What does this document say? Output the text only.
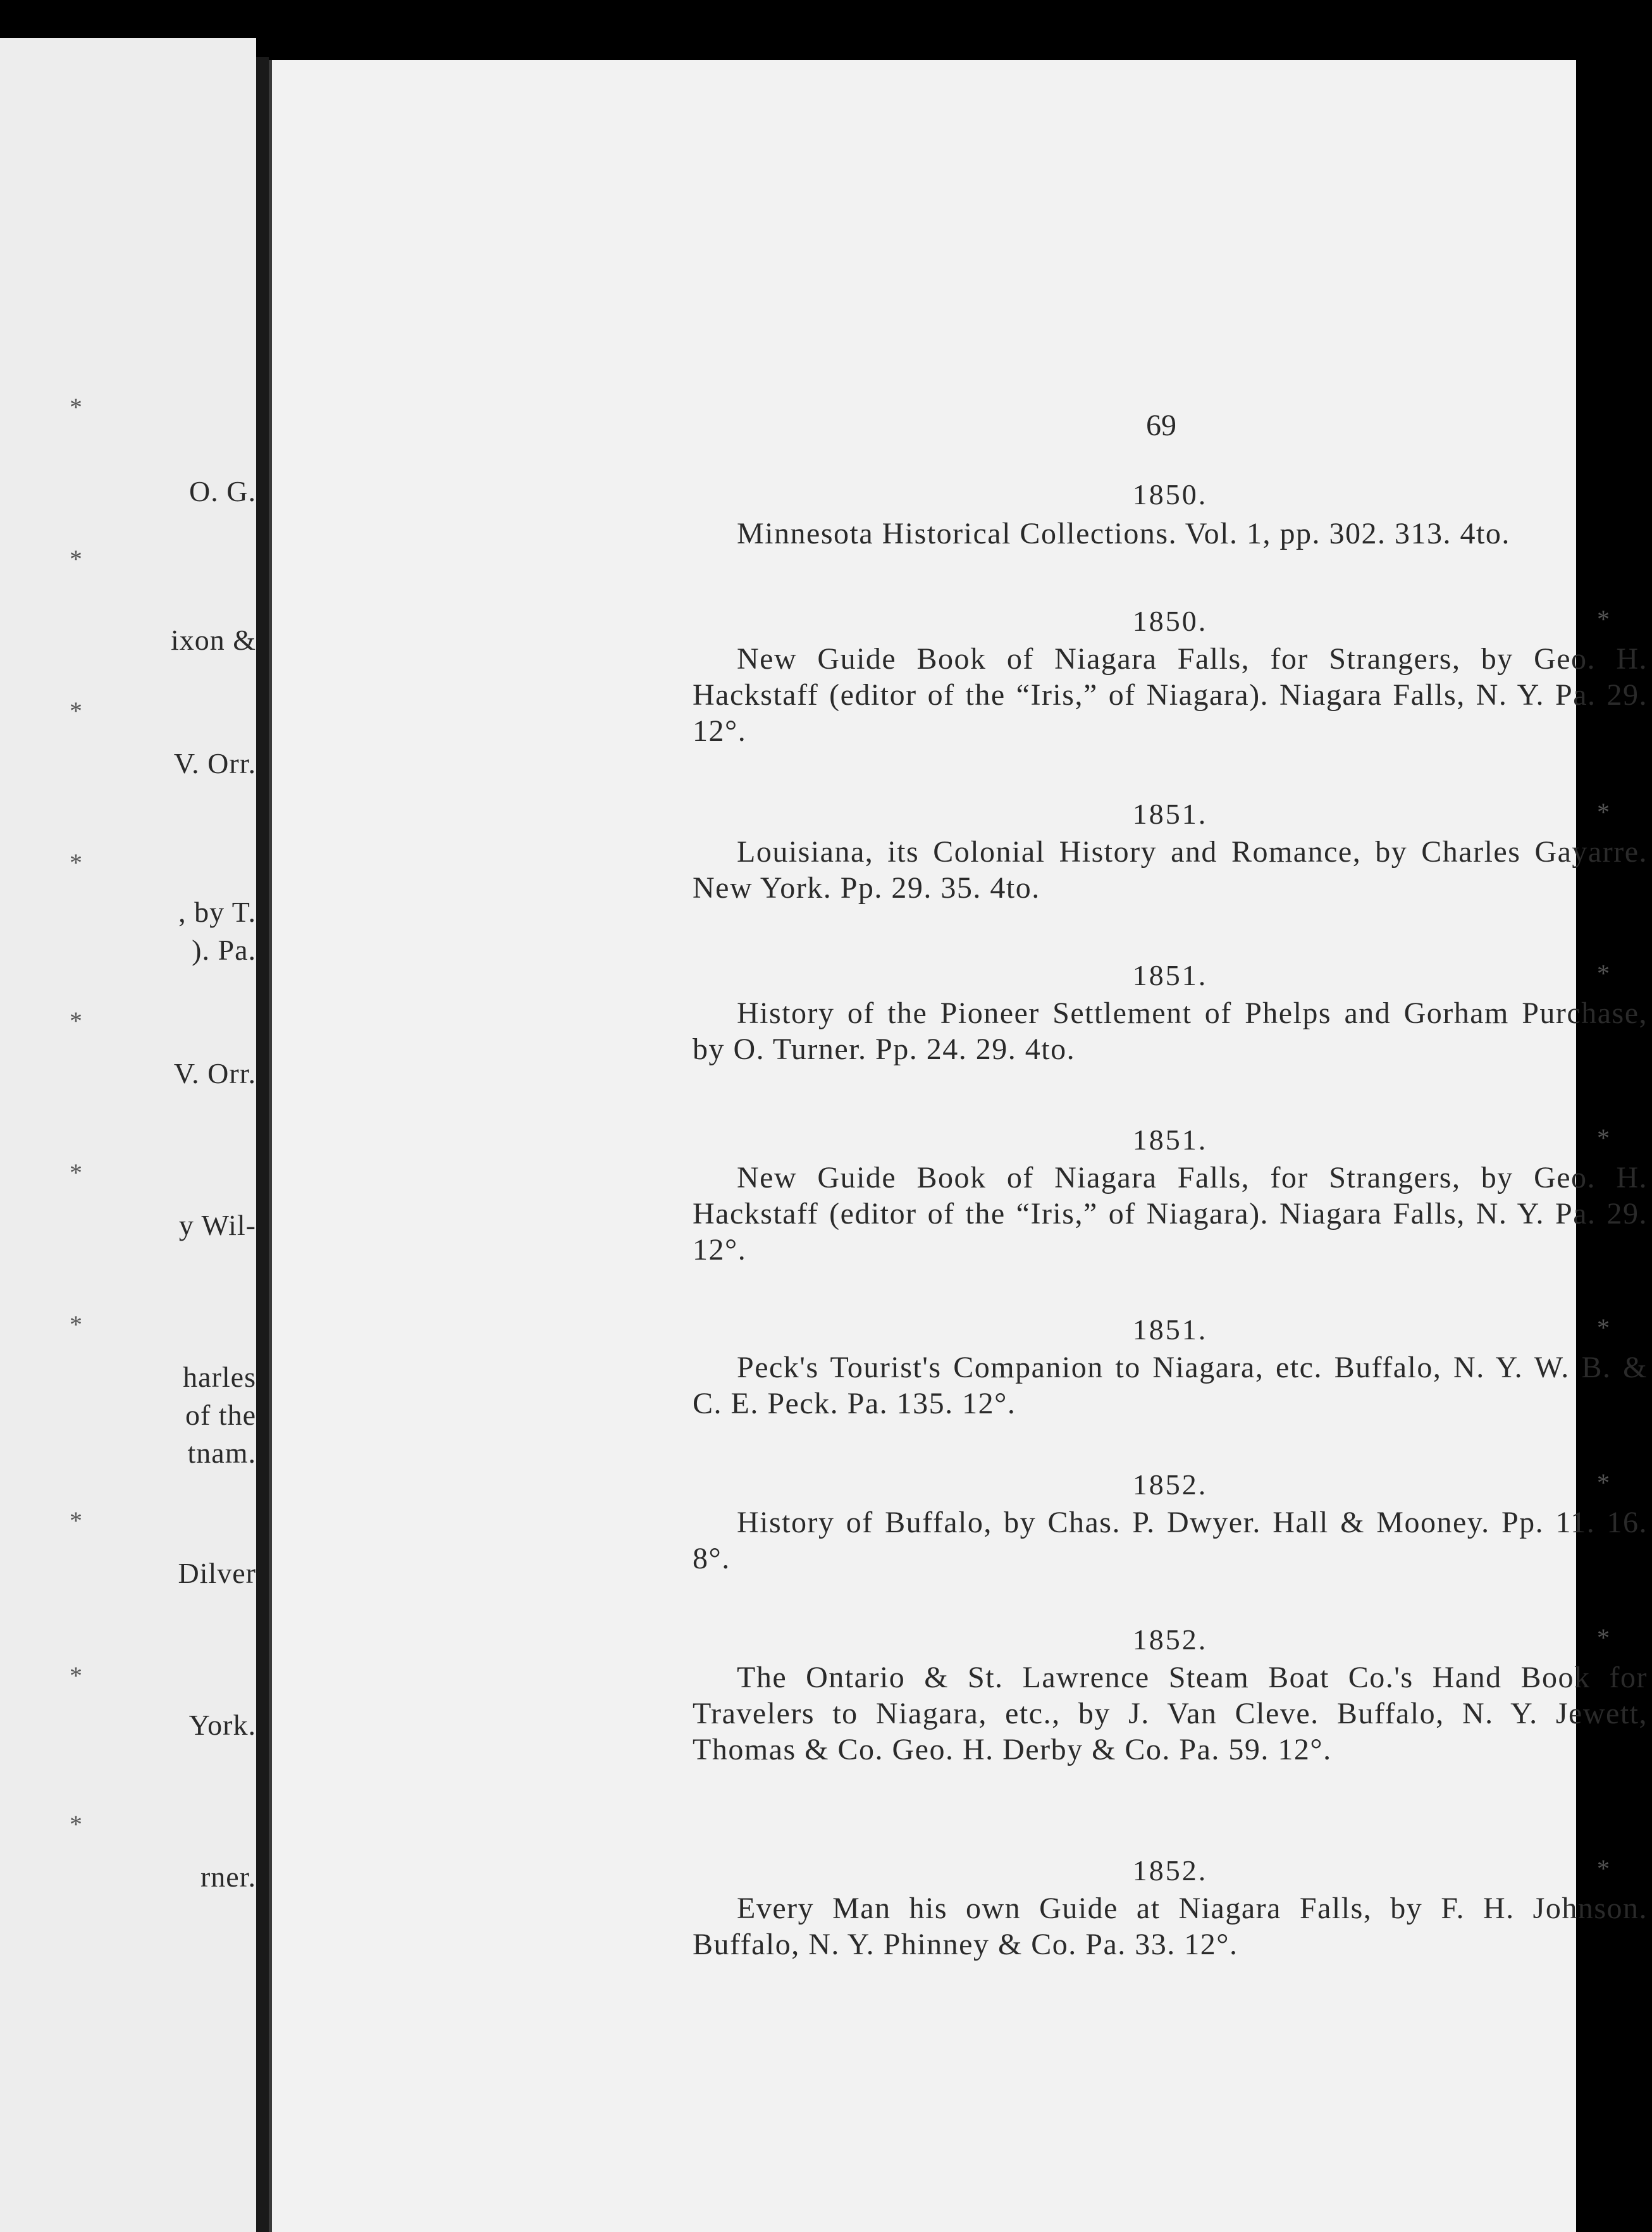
*
O. G.
*
ixon &
*
V. Orr.
*
, by T.
). Pa.
*
V. Orr.
*
y Wil-
*
harles
of the
tnam.
*
Dilver
*
York.
*
rner.
69
1850.
Minnesota Historical Collections. Vol. 1, pp. 302. 313. 4to.
1850.	*
New Guide Book of Niagara Falls, for Strangers, by Geo. H. Hackstaff (editor of the “Iris,” of Niagara). Niagara Falls, N. Y. Pa. 29. 12°.
1851.	*
Louisiana, its Colonial History and Romance, by Charles Gayarre. New York. Pp. 29. 35. 4to.
1851.	*
History of the Pioneer Settlement of Phelps and Gorham Purchase, by O. Turner. Pp. 24. 29. 4to.
1851.	*
New Guide Book of Niagara Falls, for Strangers, by Geo. H. Hackstaff (editor of the “Iris,” of Niagara). Niagara Falls, N. Y. Pa. 29. 12°.
1851.	*
Peck's Tourist's Companion to Niagara, etc. Buffalo, N. Y. W. B. & C. E. Peck. Pa. 135. 12°.
1852.	*
History of Buffalo, by Chas. P. Dwyer. Hall & Mooney. Pp. 11. 16. 8°.
1852.	*
The Ontario & St. Lawrence Steam Boat Co.'s Hand Book for Travelers to Niagara, etc., by J. Van Cleve. Buffalo, N. Y. Jewett, Thomas & Co. Geo. H. Derby & Co. Pa. 59. 12°.
1852.	*
Every Man his own Guide at Niagara Falls, by F. H. Johnson. Buffalo, N. Y. Phinney & Co. Pa. 33. 12°.
